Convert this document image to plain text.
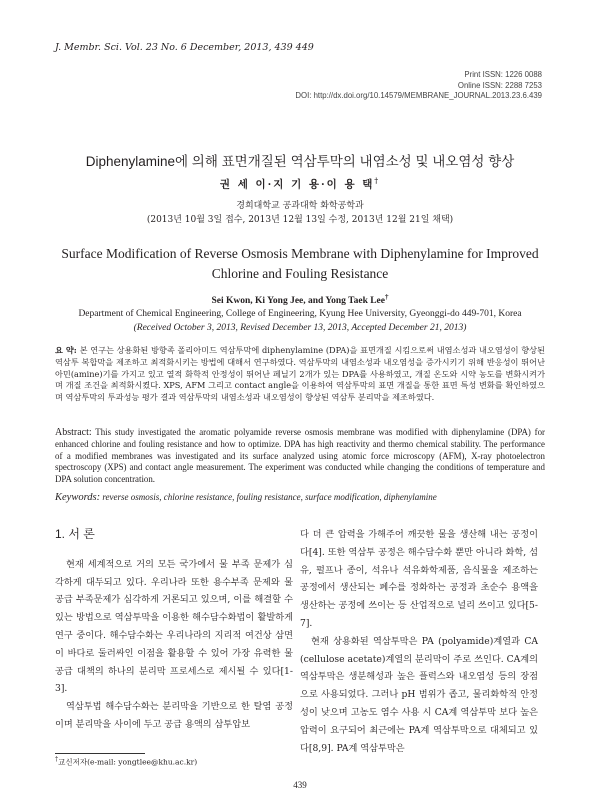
J. Membr. Sci. Vol. 23 No. 6 December, 2013, 439 449
Print ISSN: 1226 0088
Online ISSN: 2288 7253
DOI: http://dx.doi.org/10.14579/MEMBRANE_JOURNAL.2013.23.6.439
Diphenylamine에 의해 표면개질된 역삼투막의 내염소성 및 내오염성 향상
권 세 이·지 기 용·이 용 택†
경희대학교 공과대학 화학공학과
(2013년 10월 3일 접수, 2013년 12월 13일 수정, 2013년 12월 21일 채택)
Surface Modification of Reverse Osmosis Membrane with Diphenylamine for Improved Chlorine and Fouling Resistance
Sei Kwon, Ki Yong Jee, and Yong Taek Lee†
Department of Chemical Engineering, College of Engineering, Kyung Hee University, Gyeonggi-do 449-701, Korea
(Received October 3, 2013, Revised December 13, 2013, Accepted December 21, 2013)
요 약: 본 연구는 상용화된 방향족 폴리아미드 역삼투막에 diphenylamine (DPA)을 표면개질 시킴으로써 내염소성과 내오염성이 향상된 역삼투 복합막을 제조하고 최적화시키는 방법에 대해서 연구하였다. 역삼투막의 내염소성과 내오염성을 증가시키기 위해 반응성이 뛰어난 아민(amine)기를 가지고 있고 열적 화학적 안정성이 뛰어난 페닐기 2개가 있는 DPA를 사용하였고, 개질 온도와 시약 농도를 변화시켜가며 개질 조건을 최적화시켰다. XPS, AFM 그리고 contact angle을 이용하여 역삼투막의 표면 개질을 통한 표면 특성 변화를 확인하였으며 역삼투막의 투과성능 평가 결과 역삼투막의 내염소성과 내오염성이 향상된 역삼투 분리막을 제조하였다.
Abstract: This study investigated the aromatic polyamide reverse osmosis membrane was modified with diphenylamine (DPA) for enhanced chlorine and fouling resistance and how to optimize. DPA has high reactivity and thermo chemical stability. The performance of a modified membranes was investigated and its surface analyzed using atomic force microscopy (AFM), X-ray photoelectron spectroscopy (XPS) and contact angle measurement. The experiment was conducted while changing the conditions of temperature and DPA solution concentration.
Keywords: reverse osmosis, chlorine resistance, fouling resistance, surface modification, diphenylamine
1. 서 론

현재 세계적으로 거의 모든 국가에서 물 부족 문제가 심각하게 대두되고 있다. 우리나라 또한 용수부족 문제와 물 공급 부족문제가 심각하게 거론되고 있으며, 이를 해결할 수 있는 방법으로 역삼투막을 이용한 해수담수화법이 활발하게 연구 중이다. 해수담수화는 우리나라의 지리적 여건상 삼면이 바다로 둘러싸인 이점을 활용할 수 있어 가장 유력한 물 공급 대책의 하나의 분리막 프로세스로 제시될 수 있다[1-3].

역삼투법 해수담수화는 분리막을 기반으로 한 탈염 공정이며 분리막을 사이에 두고 공급 용액의 삼투압보

다 더 큰 압력을 가해주어 깨끗한 물을 생산해 내는 공정이다[4]. 또한 역삼투 공정은 해수담수화 뿐만 아니라 화학, 섬유, 펄프나 종이, 석유나 석유화학제품, 음식물을 제조하는 공정에서 생산되는 폐수를 정화하는 공정과 초순수 용액을 생산하는 공정에 쓰이는 등 산업적으로 널리 쓰이고 있다[5-7].

현재 상용화된 역삼투막은 PA (polyamide)계열과 CA (cellulose acetate)계열의 분리막이 주로 쓰인다. CA계의 역삼투막은 생분해성과 높은 플럭스와 내오염성 등의 장점으로 사용되었다. 그러나 pH 범위가 좁고, 물리화학적 안정성이 낮으며 고농도 염수 사용 시 CA계 역삼투막 보다 높은 압력이 요구되어 최근에는 PA계 역삼투막으로 대체되고 있다[8,9]. PA계 역삼투막은

†교신저자(e-mail: yongtlee@khu.ac.kr)
439
